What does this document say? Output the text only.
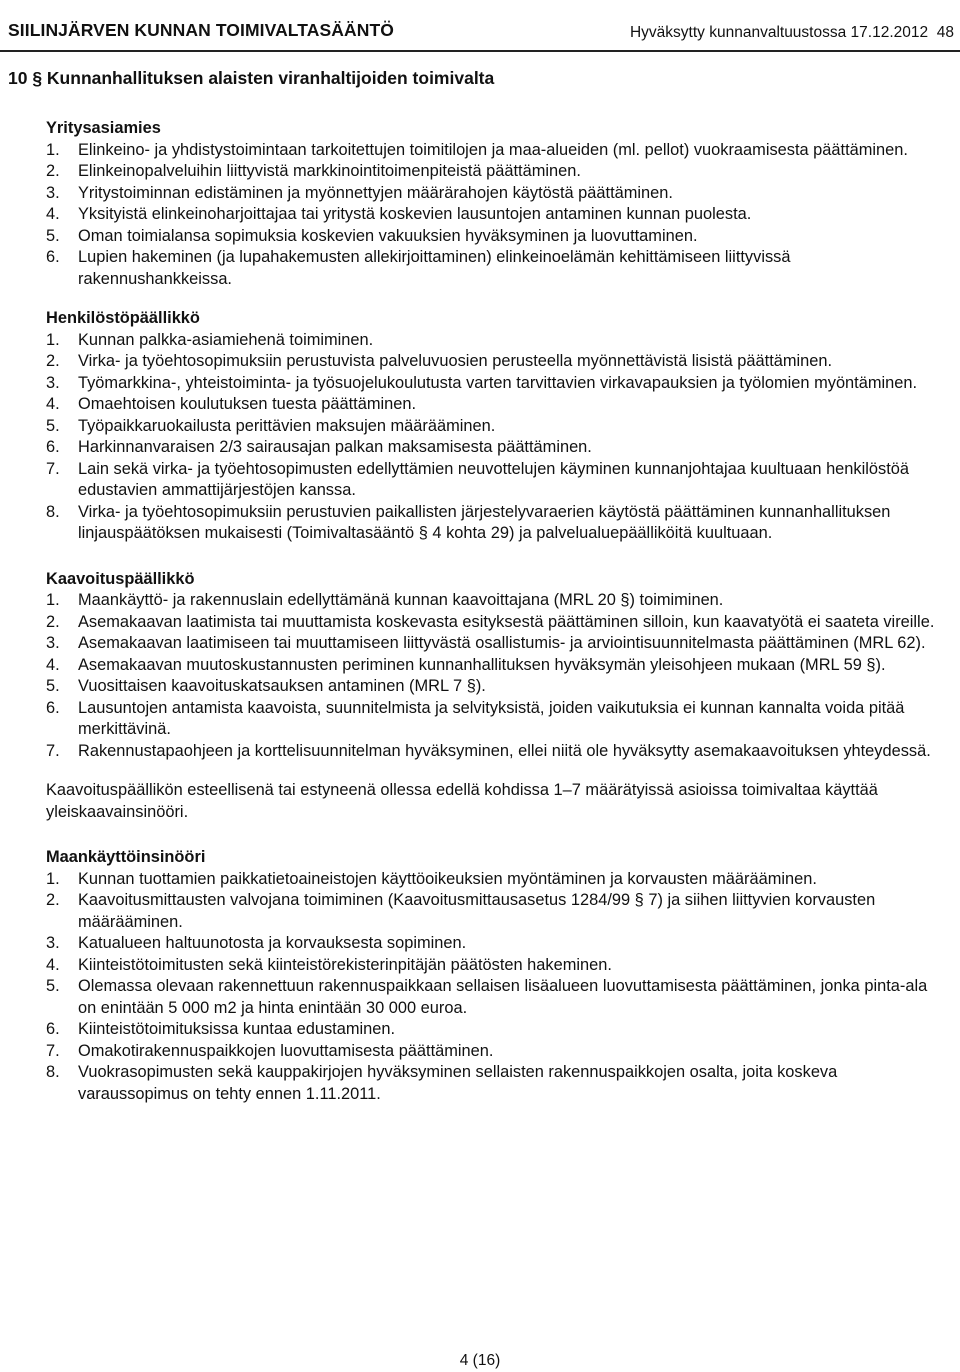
SIILINJÄRVEN KUNNAN TOIMIVALTASÄÄNTÖ	Hyväksytty kunnanvaltuustossa 17.12.2012 48
10 § Kunnanhallituksen alaisten viranhaltijoiden toimivalta
Yritysasiamies
1. Elinkeino- ja yhdistystoimintaan tarkoitettujen toimitilojen ja maa-alueiden (ml. pellot) vuokraamisesta päättäminen.
2. Elinkeinopalveluihin liittyvistä markkinointitoimenpiteistä päättäminen.
3. Yritystoiminnan edistäminen ja myönnettyjen määrärahojen käytöstä päättäminen.
4. Yksityistä elinkeinoharjoittajaa tai yritystä koskevien lausuntojen antaminen kunnan puolesta.
5. Oman toimialansa sopimuksia koskevien vakuuksien hyväksyminen ja luovuttaminen.
6. Lupien hakeminen (ja lupahakemusten allekirjoittaminen) elinkeinoelämän kehittämiseen liittyvissä rakennushankkeissa.
Henkilöstöpäällikkö
1. Kunnan palkka-asiamiehenä toimiminen.
2. Virka- ja työehtosopimuksiin perustuvista palveluvuosien perusteella myönnettävistä lisistä päättäminen.
3. Työmarkkina-, yhteistoiminta- ja työsuojelukoulutusta varten tarvittavien virkavapauksien ja työlomien myöntäminen.
4. Omaehtoisen koulutuksen tuesta päättäminen.
5. Työpaikkaruokailusta perittävien maksujen määrääminen.
6. Harkinnanvaraisen 2/3 sairausajan palkan maksamisesta päättäminen.
7. Lain sekä virka- ja työehtosopimusten edellyttämien neuvottelujen käyminen kunnanjohtajaa kuultuaan henkilöstöä edustavien ammattijärjestöjen kanssa.
8. Virka- ja työehtosopimuksiin perustuvien paikallisten järjestelyvaraerien käytöstä päättäminen kunnanhallituksen linjauspäätöksen mukaisesti (Toimivaltasääntö § 4 kohta 29) ja palvelualuepäälliköitä kuultuaan.
Kaavoituspäällikkö
1. Maankäyttö- ja rakennuslain edellyttämänä kunnan kaavoittajana (MRL 20 §) toimiminen.
2. Asemakaavan laatimista tai muuttamista koskevasta esityksestä päättäminen silloin, kun kaavatyötä ei saateta vireille.
3. Asemakaavan laatimiseen tai muuttamiseen liittyvästä osallistumis- ja arviointisuunnitelmasta päättäminen (MRL 62).
4. Asemakaavan muutoskustannusten periminen kunnanhallituksen hyväksymän yleisohjeen mukaan (MRL 59 §).
5. Vuosittaisen kaavoituskatsauksen antaminen (MRL 7 §).
6. Lausuntojen antamista kaavoista, suunnitelmista ja selvityksistä, joiden vaikutuksia ei kunnan kannalta voida pitää merkittävinä.
7. Rakennustapaohjeen ja korttelisuunnitelman hyväksyminen, ellei niitä ole hyväksytty asemakaavoituksen yhteydessä.

Kaavoituspäällikön esteellisenä tai estyneenä ollessa edellä kohdissa 1–7 määrätyissä asioissa toimivaltaa käyttää yleiskaavainsinööri.

Maankäyttöinsinööri
1. Kunnan tuottamien paikkatietoaineistojen käyttöoikeuksien myöntäminen ja korvausten määrääminen.
2. Kaavoitusmittausten valvojana toimiminen (Kaavoitusmittausasetus 1284/99 § 7) ja siihen liittyvien korvausten määrääminen.
3. Katualueen haltuunotosta ja korvauksesta sopiminen.
4. Kiinteistötoimitusten sekä kiinteistörekisterinpitäjän päätösten hakeminen.
5. Olemassa olevaan rakennettuun rakennuspaikkaan sellaisen lisäalueen luovuttamisesta päättäminen, jonka pinta-ala on enintään 5 000 m2 ja hinta enintään 30 000 euroa.
6. Kiinteistötoimituksissa kuntaa edustaminen.
7. Omakotirakennuspaikkojen luovuttamisesta päättäminen.
8. Vuokrasopimusten sekä kauppakirjojen hyväksyminen sellaisten rakennuspaikkojen osalta, joita koskeva varaussopimus on tehty ennen 1.11.2011.
4 (16)
